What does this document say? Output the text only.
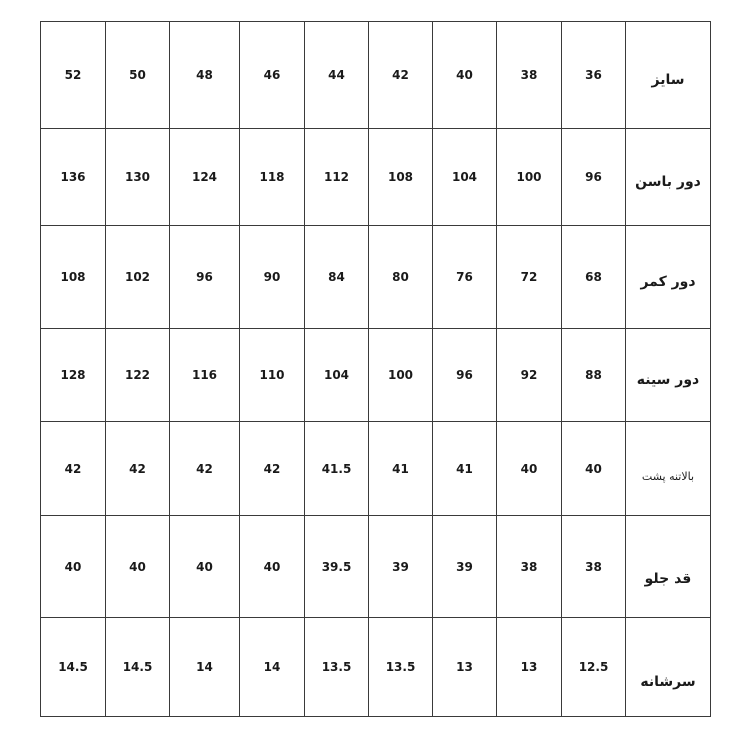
52	50	48	46	44	42	40	38	36	سایز
136	130	124	118	112	108	104	100	96	دور باسن
108	102	96	90	84	80	76	72	68	دور کمر
128	122	116	110	104	100	96	92	88	دور سینه
42	42	42	42	41.5	41	41	40	40	بالاتنه پشت
40	40	40	40	39.5	39	39	38	38	قد جلو
14.5	14.5	14	14	13.5	13.5	13	13	12.5	سرشانه
